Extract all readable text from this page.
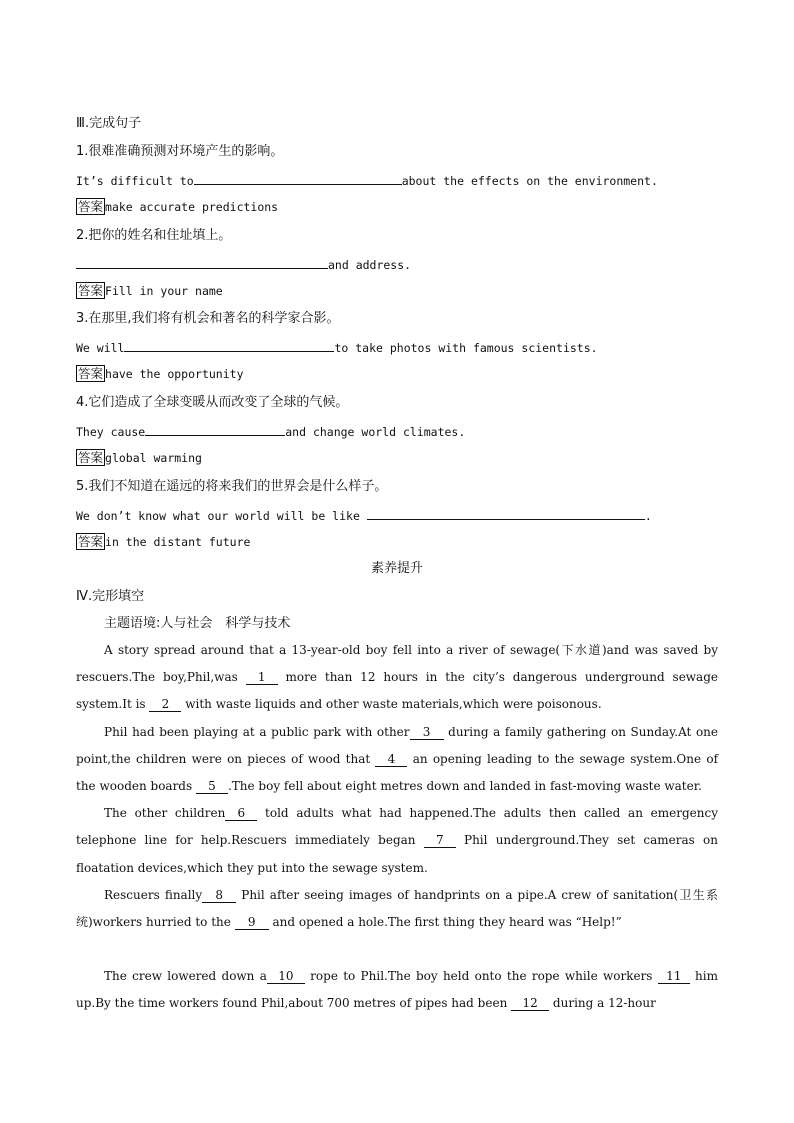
Ⅲ.完成句子
1.很难准确预测对环境产生的影响。
It’s difficult to	about the effects on the environment.
答案 make accurate predictions
2.把你的姓名和住址填上。
and address.
答案 Fill in your name
3.在那里,我们将有机会和著名的科学家合影。
We will	to take photos with famous scientists.
答案 have the opportunity
4.它们造成了全球变暖从而改变了全球的气候。
They cause	and change world climates.
答案 global warming
5.我们不知道在遥远的将来我们的世界会是什么样子。
We don’t know what our world will be like	.
答案 in the distant future
素养提升
Ⅳ.完形填空
主题语境:人与社会　科学与技术
A story spread around that a 13-year-old boy fell into a river of sewage(下水道)and was saved by rescuers.The boy,Phil,was 1 more than 12 hours in the city’s dangerous underground sewage system.It is 2 with waste liquids and other waste materials,which were poisonous.
Phil had been playing at a public park with other 3 during a family gathering on Sunday.At one point,the children were on pieces of wood that 4 an opening leading to the sewage system.One of the wooden boards 5 .The boy fell about eight metres down and landed in fast-moving waste water.
The other children 6 told adults what had happened.The adults then called an emergency telephone line for help.Rescuers immediately began 7 Phil underground.They set cameras on floatation devices,which they put into the sewage system.
Rescuers finally 8 Phil after seeing images of handprints on a pipe.A crew of sanitation(卫生系统)workers hurried to the 9 and opened a hole.The first thing they heard was “Help!”
The crew lowered down a 10 rope to Phil.The boy held onto the rope while workers 11 him up.By the time workers found Phil,about 700 metres of pipes had been 12 during a 12-hour
